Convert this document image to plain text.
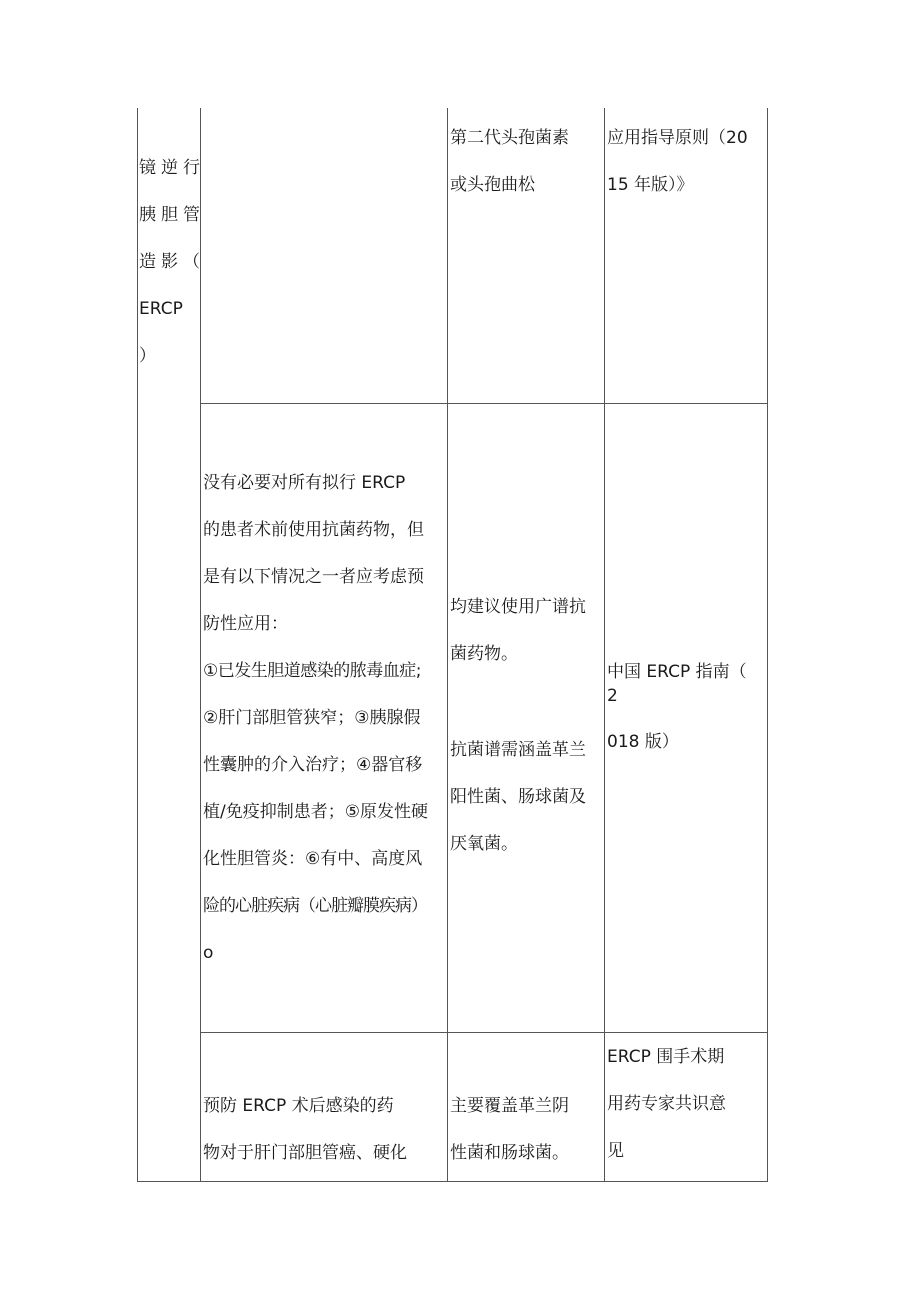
镜逆行
胰胆管
造影（
ERCP
）
第二代头孢菌素
或头孢曲松
应用指导原则（20
15 年版）》
没有必要对所有拟行 ERCP
的患者术前使用抗菌药物，但
是有以下情况之一者应考虑预
防性应用：
①已发生胆道感染的脓毒血症;
②肝门部胆管狭窄；③胰腺假
性囊肿的介入治疗；④器官移
植/免疫抑制患者；⑤原发性硬
化性胆管炎：⑥有中、高度风
险的心脏疾病（心脏瓣膜疾病）
o
均建议使用广谱抗
菌药物。
抗菌谱需涵盖革兰
阳性菌、肠球菌及
厌氧菌。
中国 ERCP 指南（
2
018 版）
预防 ERCP 术后感染的药
物对于肝门部胆管癌、硬化
主要覆盖革兰阴
性菌和肠球菌。
ERCP 围手术期
用药专家共识意
见
